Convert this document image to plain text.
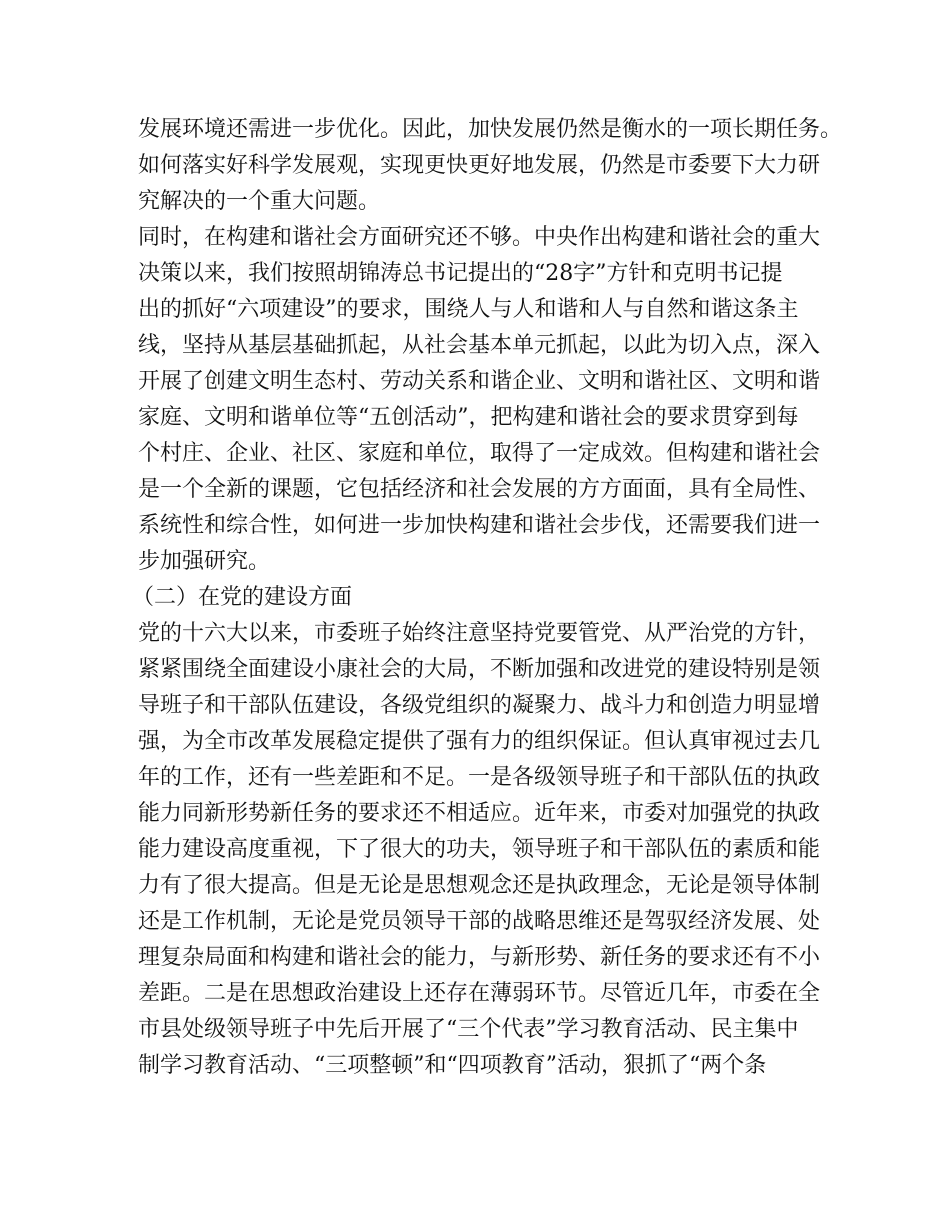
发展环境还需进一步优化。因此，加快发展仍然是衡水的一项长期任务。
如何落实好科学发展观，实现更快更好地发展，仍然是市委要下大力研
究解决的一个重大问题。
同时，在构建和谐社会方面研究还不够。中央作出构建和谐社会的重大
决策以来，我们按照胡锦涛总书记提出的“28字”方针和克明书记提
出的抓好“六项建设”的要求，围绕人与人和谐和人与自然和谐这条主
线，坚持从基层基础抓起，从社会基本单元抓起，以此为切入点，深入
开展了创建文明生态村、劳动关系和谐企业、文明和谐社区、文明和谐
家庭、文明和谐单位等“五创活动”，把构建和谐社会的要求贯穿到每
个村庄、企业、社区、家庭和单位，取得了一定成效。但构建和谐社会
是一个全新的课题，它包括经济和社会发展的方方面面，具有全局性、
系统性和综合性，如何进一步加快构建和谐社会步伐，还需要我们进一
步加强研究。
（二）在党的建设方面
党的十六大以来，市委班子始终注意坚持党要管党、从严治党的方针，
紧紧围绕全面建设小康社会的大局，不断加强和改进党的建设特别是领
导班子和干部队伍建设，各级党组织的凝聚力、战斗力和创造力明显增
强，为全市改革发展稳定提供了强有力的组织保证。但认真审视过去几
年的工作，还有一些差距和不足。一是各级领导班子和干部队伍的执政
能力同新形势新任务的要求还不相适应。近年来，市委对加强党的执政
能力建设高度重视，下了很大的功夫，领导班子和干部队伍的素质和能
力有了很大提高。但是无论是思想观念还是执政理念，无论是领导体制
还是工作机制，无论是党员领导干部的战略思维还是驾驭经济发展、处
理复杂局面和构建和谐社会的能力，与新形势、新任务的要求还有不小
差距。二是在思想政治建设上还存在薄弱环节。尽管近几年，市委在全
市县处级领导班子中先后开展了“三个代表”学习教育活动、民主集中
制学习教育活动、“三项整顿”和“四项教育”活动，狠抓了“两个条
